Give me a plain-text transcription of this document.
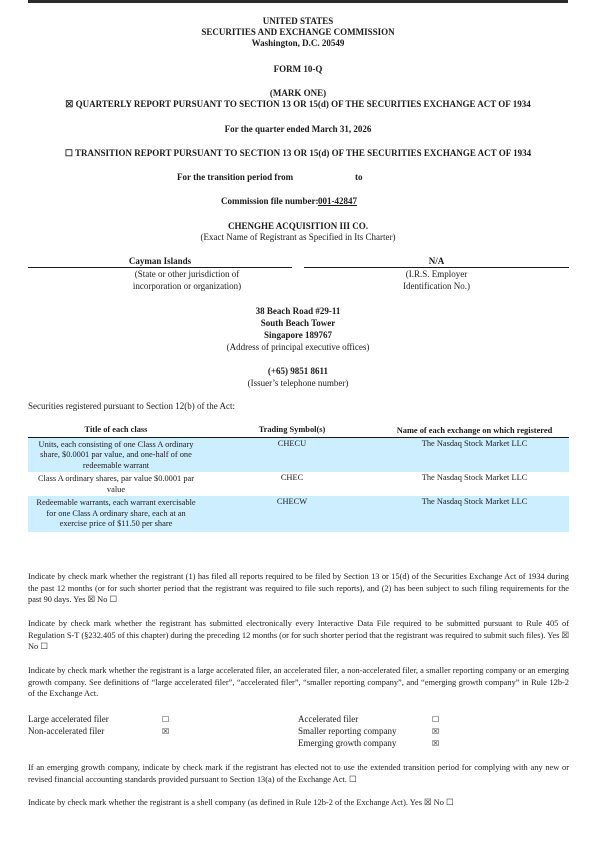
UNITED STATES
SECURITIES AND EXCHANGE COMMISSION
Washington, D.C. 20549
FORM 10-Q
(MARK ONE)
☒ QUARTERLY REPORT PURSUANT TO SECTION 13 OR 15(d) OF THE SECURITIES EXCHANGE ACT OF 1934
For the quarter ended March 31, 2026
☐ TRANSITION REPORT PURSUANT TO SECTION 13 OR 15(d) OF THE SECURITIES EXCHANGE ACT OF 1934
For the transition period from	to
Commission file number: 001-42847
CHENGHE ACQUISITION III CO.
(Exact Name of Registrant as Specified in Its Charter)
Cayman Islands
(State or other jurisdiction of
incorporation or organization)
N/A
(I.R.S. Employer
Identification No.)
38 Beach Road #29-11
South Beach Tower
Singapore 189767
(Address of principal executive offices)
(+65) 9851 8611
(Issuer’s telephone number)
Securities registered pursuant to Section 12(b) of the Act:
Title of each class	Trading Symbol(s)	Name of each exchange on which registered
Units, each consisting of one Class A ordinary share, $0.0001 par value, and one-half of one redeemable warrant	CHECU	The Nasdaq Stock Market LLC
Class A ordinary shares, par value $0.0001 par value	CHEC	The Nasdaq Stock Market LLC
Redeemable warrants, each warrant exercisable for one Class A ordinary share, each at an exercise price of $11.50 per share	CHECW	The Nasdaq Stock Market LLC
Indicate by check mark whether the registrant (1) has filed all reports required to be filed by Section 13 or 15(d) of the Securities Exchange Act of 1934 during the past 12 months (or for such shorter period that the registrant was required to file such reports), and (2) has been subject to such filing requirements for the past 90 days. Yes ☒ No ☐
Indicate by check mark whether the registrant has submitted electronically every Interactive Data File required to be submitted pursuant to Rule 405 of Regulation S-T (§232.405 of this chapter) during the preceding 12 months (or for such shorter period that the registrant was required to submit such files). Yes ☒ No ☐
Indicate by check mark whether the registrant is a large accelerated filer, an accelerated filer, a non-accelerated filer, a smaller reporting company or an emerging growth company. See definitions of “large accelerated filer”, “accelerated filer”, “smaller reporting company”, and “emerging growth company” in Rule 12b-2 of the Exchange Act.
Large accelerated filer	☐
Non-accelerated filer	☒
Accelerated filer	☐
Smaller reporting company	☒
Emerging growth company	☒
If an emerging growth company, indicate by check mark if the registrant has elected not to use the extended transition period for complying with any new or revised financial accounting standards provided pursuant to Section 13(a) of the Exchange Act. ☐
Indicate by check mark whether the registrant is a shell company (as defined in Rule 12b-2 of the Exchange Act). Yes ☒ No ☐
